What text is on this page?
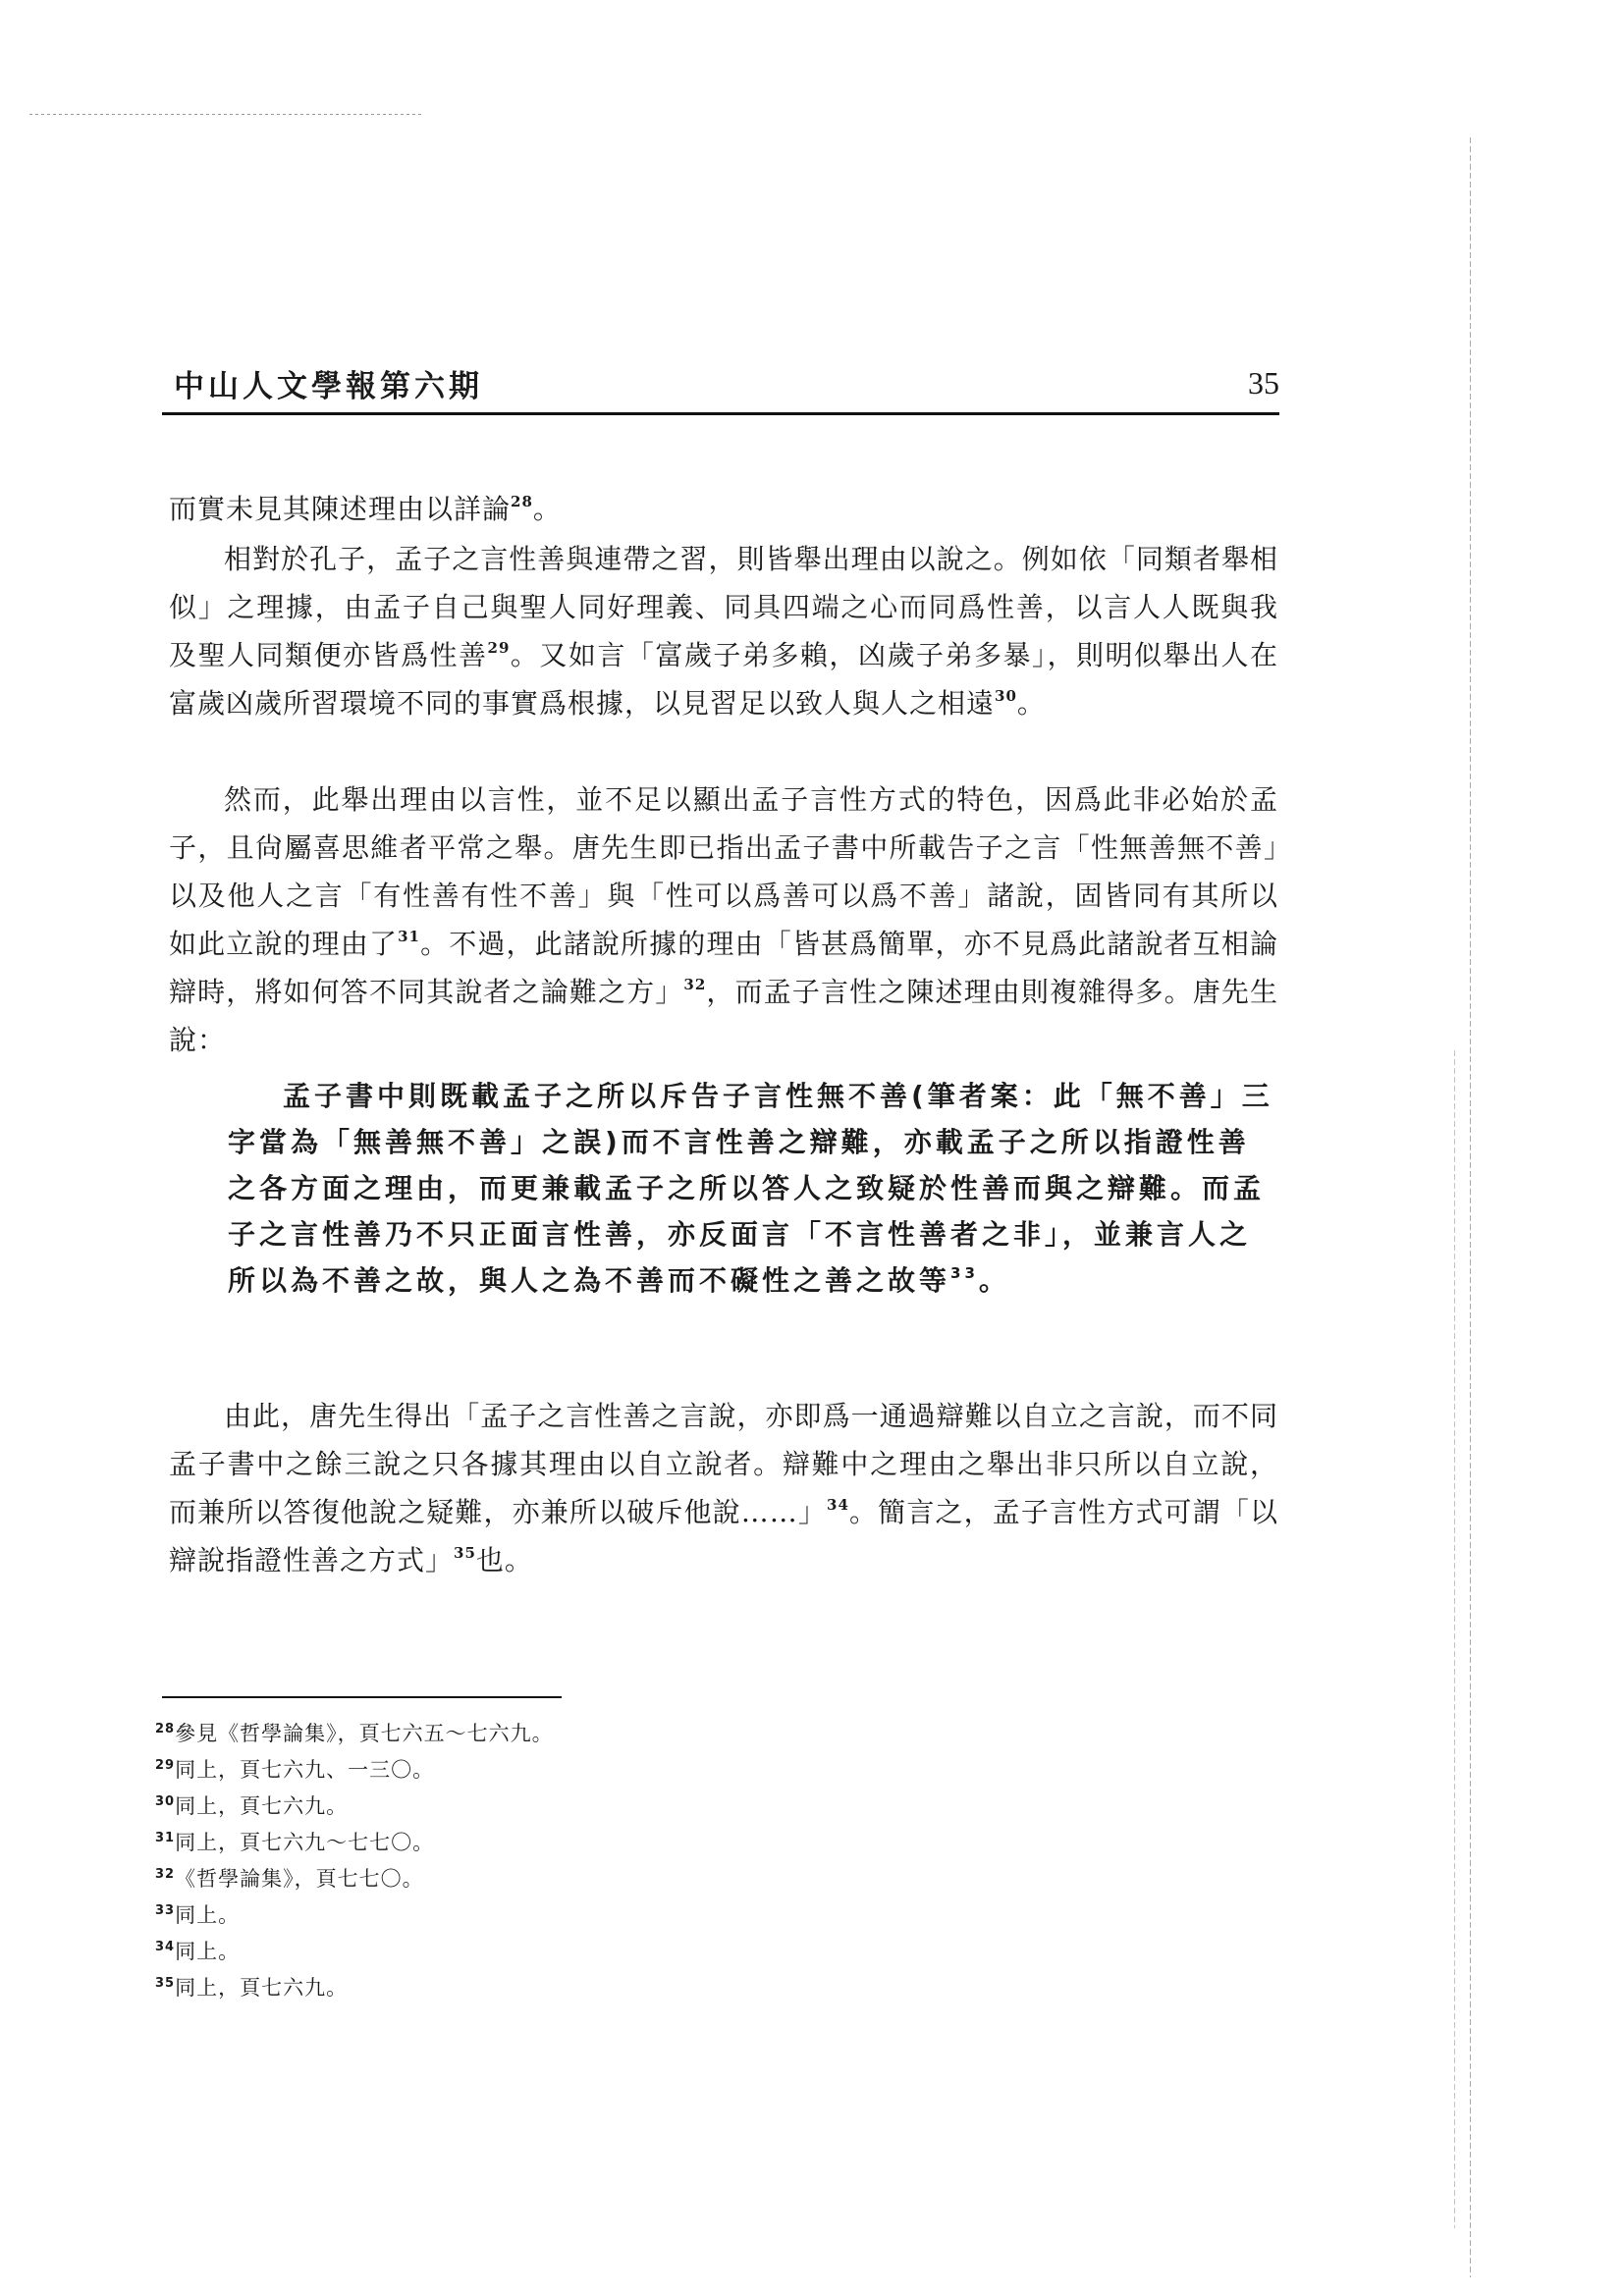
中山人文學報第六期	35

而實未見其陳述理由以詳論$^{28}$。

相對於孔子，孟子之言性善與連帶之習，則皆舉出理由以說之。例如依「同類者舉相似」之理據，由孟子自己與聖人同好理義、同具四端之心而同爲性善，以言人人既與我及聖人同類便亦皆爲性善$^{29}$。又如言「富歲子弟多賴，凶歲子弟多暴」，則明似舉出人在富歲凶歲所習環境不同的事實爲根據，以見習足以致人與人之相遠$^{30}$。

然而，此舉出理由以言性，並不足以顯出孟子言性方式的特色，因爲此非必始於孟子，且尙屬喜思維者平常之舉。唐先生即已指出孟子書中所載告子之言「性無善無不善」以及他人之言「有性善有性不善」與「性可以爲善可以爲不善」諸說，固皆同有其所以如此立說的理由了$^{31}$。不過，此諸說所據的理由「皆甚爲簡單，亦不見爲此諸說者互相論辯時，將如何答不同其說者之論難之方」$^{32}$，而孟子言性之陳述理由則複雜得多。唐先生說：

孟子書中則既載孟子之所以斥告子言性無不善(筆者案：此「無不善」三字當為「無善無不善」之誤)而不言性善之辯難，亦載孟子之所以指證性善之各方面之理由，而更兼載孟子之所以答人之致疑於性善而與之辯難。而孟子之言性善乃不只正面言性善，亦反面言「不言性善者之非」，並兼言人之所以為不善之故，與人之為不善而不礙性之善之故等$^{33}$。

由此，唐先生得出「孟子之言性善之言說，亦即爲一通過辯難以自立之言說，而不同孟子書中之餘三說之只各據其理由以自立說者。辯難中之理由之舉出非只所以自立說，而兼所以答復他說之疑難，亦兼所以破斥他說……」$^{34}$。簡言之，孟子言性方式可謂「以辯說指證性善之方式」$^{35}$也。

$^{28}$參見《哲學論集》，頁七六五～七六九。
$^{29}$同上，頁七六九、一三〇。
$^{30}$同上，頁七六九。
$^{31}$同上，頁七六九～七七〇。
$^{32}$《哲學論集》，頁七七〇。
$^{33}$同上。
$^{34}$同上。
$^{35}$同上，頁七六九。
